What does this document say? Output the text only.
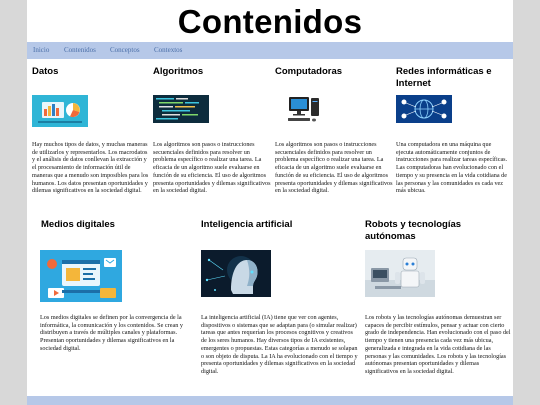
Contenidos
Inicio Contenidos Conceptos Contextos
Datos

Hay muchos tipos de datos, y muchas maneras de utilizarlos y representarlos. Los macrodatos y el análisis de datos conllevan la extracción y el procesamiento de información útil de maneras que a menudo son imposibles para los humanos. Los datos presentan oportunidades y dilemas significativos en la sociedad digital.

Algoritmos

Los algoritmos son pasos o instrucciones secuenciales definidos para resolver un problema específico o realizar una tarea. La eficacia de un algoritmo suele evaluarse en función de su eficiencia. El uso de algoritmos presenta oportunidades y dilemas significativos en la sociedad digital.

Computadoras

Los algoritmos son pasos o instrucciones secuenciales definidos para resolver un problema específico o realizar una tarea. La eficacia de un algoritmo suele evaluarse en función de su eficiencia. El uso de algoritmos presenta oportunidades y dilemas significativos en la sociedad digital.

Redes informáticas e Internet

Una computadora en una máquina que ejecuta automáticamente conjuntos de instrucciones para realizar tareas específicas. Las computadoras han evolucionado con el tiempo y su presencia en la vida cotidiana de las personas y las comunidades es cada vez más ubicua.

Medios digitales

Los medios digitales se definen por la convergencia de la informática, la comunicación y los contenidos. Se crean y distribuyen a través de múltiples canales y plataformas. Presentan oportunidades y dilemas significativos en la sociedad digital.

Inteligencia artificial

La inteligencia artificial (IA) tiene que ver con agentes, dispositivos o sistemas que se adaptan para (o simular realizar) tareas que antes requerían los procesos cognitivos y creativos de los seres humanos. Hay diversos tipos de IA existentes, emergentes o propuestas. Estas categorías a menudo se solapan o son objeto de disputa. La IA ha evolucionado con el tiempo y presenta oportunidades y dilemas significativos en la sociedad digital.

Robots y tecnologías autónomas

Los robots y las tecnologías autónomas demuestran ser capaces de percibir estímulos, pensar y actuar con cierto grado de independencia. Han evolucionado con el paso del tiempo y tienen una presencia cada vez más ubicua, generalizada e integrada en la vida cotidiana de las personas y las comunidades. Los robots y las tecnologías autónomas presentan oportunidades y dilemas significativos en la sociedad digital.
